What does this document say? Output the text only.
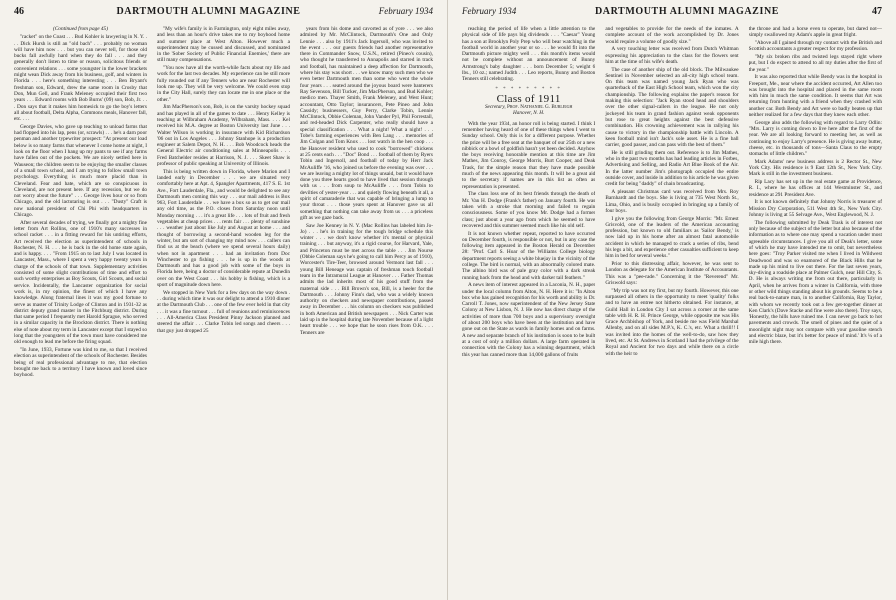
46	DARTMOUTH ALUMNI MAGAZINE	February 1934

(Continued from page 45)

"racket" on the Coast . . . Bud Kohler is lawyering in N. Y. . . . Dick Hursh is still an "old bach" . . . probably no woman will have him now . . . but you can never tell, for those old bucks fall awfully hard when they do fall . . . and they generally don't listen to time or reason, solicitous friends or convenient relations . . . some youngster in the lower brackets might wean Dick away from his business, golf, and winters in Florida . . . here's something interesting . . . Ben Bryant's freshman son, Edward, drew the same room in Crosby that Don, Mun Gell, and Frank Meleney occupied their first two years . . . Edward rooms with Bob Burns' (09) son, Bob, Jr. . . . Don says that it makes him homesick to go the boy's letters all about football, Delta Alpha, Commons meals, Hanover fall, etc. . . .

George Davies, who gave up teaching to unload farms that had flopped into his lap, pens (or, scrawls) . . . he's a darn poor penman and another typewriter prospect: "At present our load below is so many farms that whenever I come home at night, I look on the floor when I hang up my pants to see if any farms have fallen out of the pockets. We are nicely settled here in Wauseon; the children seem to be enjoying the smaller classes of a small town school, and I am trying to follow small town psychology. Everything is much more placid than in Cleveland. Fear and hate, which are so conspicuous in Cleveland, are not present here. If any recession, but we do not worry about the future" . . . George lives hour or so from Chicago, and the old lactutaring is out . . . "Dusty" Craft is now national president of Chi Phi with headquarters in Chicago.

After several decades of trying, we finally got a mighty fine letter from Art Rollins, one of 1910's many successes in school racket . . . in a fitting reward for his untiring efforts, Art received the election as superintendent of schools in Rochester, N. H. . . . he is back in the old home state again, and is happy. . . . "From 1915 on to last July I was located in Lancaster, Mass., where I spent a very happy twenty years in charge of the schools of that town. Supplementary activities consisted of some slight contributions of time and effort to such worthy enterprises as Boy Scouts, Girl Scouts, and social service. Incidentally, the Lancaster organization for social work is, in my opinion, the finest of which I have any knowledge. Along fraternal lines it was my good fortune to serve as master of Trinity Lodge of Clinton and in 1931-32 as district deputy grand master in the Fitchburg district. During that same period I frequently met Harold Sprague, who served in a similar capacity in the Brockton district. There is nothing else of note about my term in Lancaster except that I stayed so long that the youngsters of the town must have considered me old enough to lead me before the firing squad.

"In June, 1933, Fortune was kind to me, so that I received election as superintendent of the schools of Rochester. Besides being of real professional advantage to me, that election brought me back to a territory I have known and loved since boyhood.

"My wife's family is in Farmington, only eight miles away, and less than an hour's drive takes me to my boyhood home and summer place at West Alton. However much a superintendent may be cussed and discussed, and nominated in the 'Sober Society of Public Financial Enemies,' there are still many compensations.

"You now have all the worth-while facts about my life and work for the last two decades. My experience can be still more fully rounded out if any Tenners who are near Rochester will look me up. They will be very welcome. We could even stop in the City Hall, surely they can locate me in one place or the other."

Jim MacPherson's son, Bob, is on the varsity hockey squad and has played in all of the games to date . . . Henry Kelley is teaching at Wilbraham Academy, Wilbraham, Mass. . . . Kel received his M.A. degree at Boston University last June . . . Walter Wilson is working in insurance with Kid Richardson '06 out in Los Angeles . . . Johnny Stanhope is a production engineer at Salem Depot, N. H. . . . Bob Woodcock heads the General Electric air conditioning sales at Minneapolis . . . Fred Batchelder resides at Harrison, N. J. . . . Skeet Shaw is professor of public speaking at University of Illinois.

This is being written down in Florida, where Marion and I landed early in December . . . we are situated very comfortably here at Apt. 4, Spangler Apartments, 417 S. E. 1st Ave., Fort Lauderdale, Fla., and would be delighted to see any Dartmouth men coming this way . . . our mail address is Box 963, Fort Lauderdale . . . we have a box so as to get our mail any old time, as the P.O. closes from Saturday noon until Monday morning . . . it's a great life . . . lots of fruit and fresh vegetables at cheap prices . . . rents fair . . . plenty of sunshine . . . weather just about like July and August at home . . . and thought of borrowing a second-hand wooden leg for the winter, but am sort of changing my mind now . . . callers can find us at the beach (where we spend several hours daily) when not in apartment . . . had an invitation from Doc Winchester to go fishing . . . he is up in the woods at Dartmouth and has a good job with some of the boys in Florida here, being a doctor of considerable repute at Dunedin over on the West Coast . . . his hobby is fishing, which is a sport of magnitude down here.

We stopped in New York for a few days on the way down . . . during which time it was our delight to attend a 1910 dinner at the Dartmouth Club . . . one of the few ever held in that city . . . it was a fine turnout . . . full of reunions and reminiscences . . . All-America Class President Pinny Jackson planned and steered the affair . . . Clarke Tobin led songs and cheers . . . that guy just dropped 25

years from his dome and cavorted as of yore . . . we also admired by Mr. McClintock, Dartmouth's One and Only Lennie . . . also by 1911's Jack Ingersoll, who was invited to the event . . . our guests friends had another representative there in Commander Snow, U.S.N., retired (Pineo's cousin), who thought he transferred to Annapolis and starred in track and football, has maintained a deep affection for Dartmouth, where his stay was short . . . we know many such men who we even better Dartmouth men than some who went the whole four years . . . seated around the joyous board were banterers Ray Sevenson, Bill Tucker, Jim MacPherson, and Bud Kohler; medico men. Thayer Smith, Frank Meleney, and West Hunt; accountant, Otto Taylor; insurancers, Pete Pineo and John Cassidy; businessers, Guy Perry, Clarke Tobin, Lennie McClintock, Obbie Coleman, John Vander Pyl, Phil Forrestall, and red-headed Dick Carpenter, who really should have a special classification . . . What a night! What a night! . . . Tobe's farming experiences with Ben Lang . . . memories of Jim Colgan and Tom Knox . . . lost watch in the hen coop . . . the Hanover resident who used to cook "borrowed" chickens at 25 cents each . . . "Doc" Bond . . . football of them by Ryers Tobin and Ingersoll, and football of today by Herr Jack McAuliffe '16, who joined us before the evening was over . . . we are leaving a mighty lot of things unsaid, but it would have done you three hearts good to have lived that session through with us . . . from soup to McAuliffe . . . from Tobin to devilties of yester-year . . . and quietly flowing beneath it all, a spirit of camaraderie that was capable of bringing a lump to your throat . . . those years spent at Hanover gave us all something that nothing can take away from us . . . a priceless gift as we gaze back.

Saw Joe Kenney in N. Y. (Mac Rollins has labeled him Jo-Jo) . . . he's in training for the tough bridge schedule this winter . . . we don't know whether it's mental or physical training . . . but anyway, it's a rigid course, for Harvard, Yale, and Princeton must be met across the table . . . Jim Nourse (Obbie Coleman says he's going to call him Percy as of 1910), Worcester's Tire-Teer, browsed around Vermont last fall . . . young Bill Heneage was captain of freshman touch football team in the Intramural League at Hanover . . . Father Thomas admits the lad inherits most of his good stuff from the maternal side . . . Bill Brown's son, Bill, is a heeler for the Dartmouth . . . Johnny Finn's dad, who was a widely known authority on checkers and newspaper contributions, passed away in December . . . his column on checkers was published in both American and British newspapers . . . Nick Carter was laid up in the hospital during late November because of a light heart trouble . . . we hope that he soon rises from O.K. . . . Tenners are

February 1934	DARTMOUTH ALUMNI MAGAZINE	47

reaching the period of life when a little attention to the physical side of life pays big dividends . . . "Caesar" Young has a son at Brooklyn Poly Prep who will bear watching in the football world in another year or so . . . he would fit into the Dartmouth picture mighty well . . . this month's items would not be complete without an announcement of Bunny Armstrong's baby daughter . . . born December 5; weight 6 lbs., 10 oz.; named Judith . . . Leo reports, Bunny and Boston Tenners still celebrating.

* * * * * * * * *
Class of 1911
Secretary, Prof. Nathaniel G. Burleigh
Hanover, N. H.

With the year 1934, an honor roll is being started. I think I remember having heard of one of these things when I went to Sunday school. Only this is for a different purpose. Whether the prize will be a free seat at the banquet of our 25th or a new nibbick or a bowl of goldfish hasn't yet been decided. Anyhow the boys receiving honorable mention at this time are Jim Mathes, Jim Conroy, George Morris, Burt Cooper, and Deak Trask, for the simple reason that they have made possible much of the news appearing this month. It will be a great aid to the secretary if names are in this list as often as representation is presented.

The class loss one of its best friends through the death of Mr. Van H. Dodge (Frank's father) on January fourth. He was taken with a stroke that morning and failed to regain consciousness. Some of you know Mr. Dodge had a former class; just about a year ago from which he seemed to have recovered and this summer seemed much like his old self.

It is not known whether repeat, reported to have occurred on December fourth, is responsible or not, but in any case the following item appeared in the Boston Herald on December 28: "Prof. Carl S. Hoar of the Williams College biology department reports seeing a white bluejay in the vicinity of the college. The bird is normal, with an abnormally colored mate. The albino bird was of pale gray color with a dark streak running back from the head and with darker tail feathers."

A news item of interest appeared in a Laconia, N. H., paper under the local column from Alton, N. H. Here it is: "In Alton box who has gained recognition for his worth and ability is Dr. Carroll T. Jones, now superintendent of the New Jersey State Colony at New Lisbon, N. J. He now has direct charge of the activities of more than 700 boys and a supervisory oversight of about 200 boys who have been at the institution and have gone out on the State as wards in family homes and on farms. A new and separate branch of his institution is soon to be built at a cost of only a million dollars. A large farm operated in connection with the Colony has a winning department, which this year has canned more than 14,000 gallons of fruits

and vegetables to provide for the needs of the inmates. A complete account of the work accomplished by Dr. Jones would require a volume of goodly size."

A very touching letter was received from Dutch Whitman expressing his appreciation to the class for the flowers sent him at the time of his wife's death.

The case of another ship of the old block. The Milwaukee Sentinel in November selected an all-city high school team. On this team was named young Jack Ryan who was quarterback of the East High School team, which won the city championship. The following explains the paper's reason for making this selection: "Jack Ryan stood head and shoulders over the other signal-callers in the league. He not only jockeyed his team in grand fashion against weak opponents but rose to great heights against the best defensive combination. His crowning achievement was in rallying his cause to victory in the championship battle with Lincoln. A keen football mind isn't Jack's sole asset. He is a fine ball carrier, good passer, and can pass with the best of them."

He is still grinding them out. Reference is to Jim Mathes, who in the past two months has had leading articles in Forbes, Advertising and Selling, and Radio Art Blue Book of the Air. In the latter number Jim's photograph occupied the entire outside cover, and inside in addition to his article he was given credit for being "daddy" of chain broadcasting.

A pleasant Christmas card was received from Mrs. Roy Barnhardt and the boys. She is living at 735 West North St., Lima, Ohio, and is busily occupied in bringing up a family of four boys.

I give you the following from George Morris: "Mr. Ernest Grisvold, one of the leaders of the American accounting profession, but known to old familiars as 'Sailor Bendy,' is now laid up in his home after an almost fatal automobile accident in which he managed to crack a series of ribs, bend his legs a bit, and experience other casualties sufficient to keep him in bed for several weeks."

Prior to this distressing affair, however, he was sent to London as delegate for the American Institute of Accountants. This was a "pee-rade." Concerning it the "Reverend" Mr. Griswold says:

"My trip was not my first, but my fourth. However, this one surpassed all others in the opportunity to meet 'quality' folks and to have an entree not hitherto obtained. For instance, at Guild Hall in London City I sat across a corner at the same table with H. R. H. Prince George, while opposite me was His Grace Archbishop of York, and beside me was Field Marshal Allenby, and on all sides M.P.'s, K. C.'s, etc. What a thrill!! I was invited into the homes of the well-to-do, saw how they lived, etc. At St. Andrews in Scotland I had the privilege of the Royal and Ancient for two days and while there on a circle with the heir to

the throne and had a horse even to operate, but dared not—simply swallowed my Adam's apple in great fright.

"Above all I gained through my contact with the British and Scottish accountants a greater respect for my profession.

"My six broken ribs and twisted legs stayed right where put, but I do expect to attend to all my duties after the first of the year."

It was also reported that while Bendy was in the hospital in Freeport, Me., near where the accident occurred, Art Allen too was brought into the hospital and placed in the same room with him in much the same condition. It seems that Art was returning from hunting with a friend when they crashed with another car. Both Bendy and Art were so badly beaten up that neither realized for a few days that they knew each other.

George also adds the following with regard to Larry Odlin: "Mrs. Larry is coming down to live here after the first of the year. We are all looking forward to meeting her, as well as continuing to enjoy Larry's presence. He is giving away butter, cheese, etc. in thousands of tons—Santa Claus to the empty stomachs of little children."

Mark Adams' new business address is 2 Rector St., New York City. His residence is 9 East 12th St., New York City. Mark is still in the investment business.

Rip Lacy has set up in the real estate game at Providence, R. I., where he has offices at 144 Westminster St., and residence at 291 President Ave.

It is not known definitely that Johnny Norris is treasurer of Mission Dry Corporation, 511 West 4th St., New York City. Johnny is living at 55 Selvage Ave., West Englewood, N. J.

The following submitted by Deak Trask is of interest not only because of the subject of the letter but also because of the information as to where one may spend a vacation under most agreeable circumstances. I give you all of Deak's letter, some of which he may have intended me to omit, but nevertheless here goes: "Troy Parker visited me when I lived in Wildwest Deadwood and was so enamored of the Black Hills that he made up his mind to live out there. For the last seven years, sky-diving a roadside place at Palmer Gulch, near Hill City, S. D. He is always writing me from out there, particularly in April, when he arrives from a winter in California, with three or other wild things standing about his grounds. Seems to be a real back-to-nature man, in to another California, Ray Taylor, with whom we recently took out a few get-together dinner at Ken Clark's (Dave Stacke and fine were also there). Troy says, 'Honestly, the hills have ruined me. I can never go back to hot pavements and crowds. The smell of pines and the quiet of a moonlight night may not compare with your gasoline stench and electric blaze, but it's better for peace of mind.' It's ¼ of a mile high there.
